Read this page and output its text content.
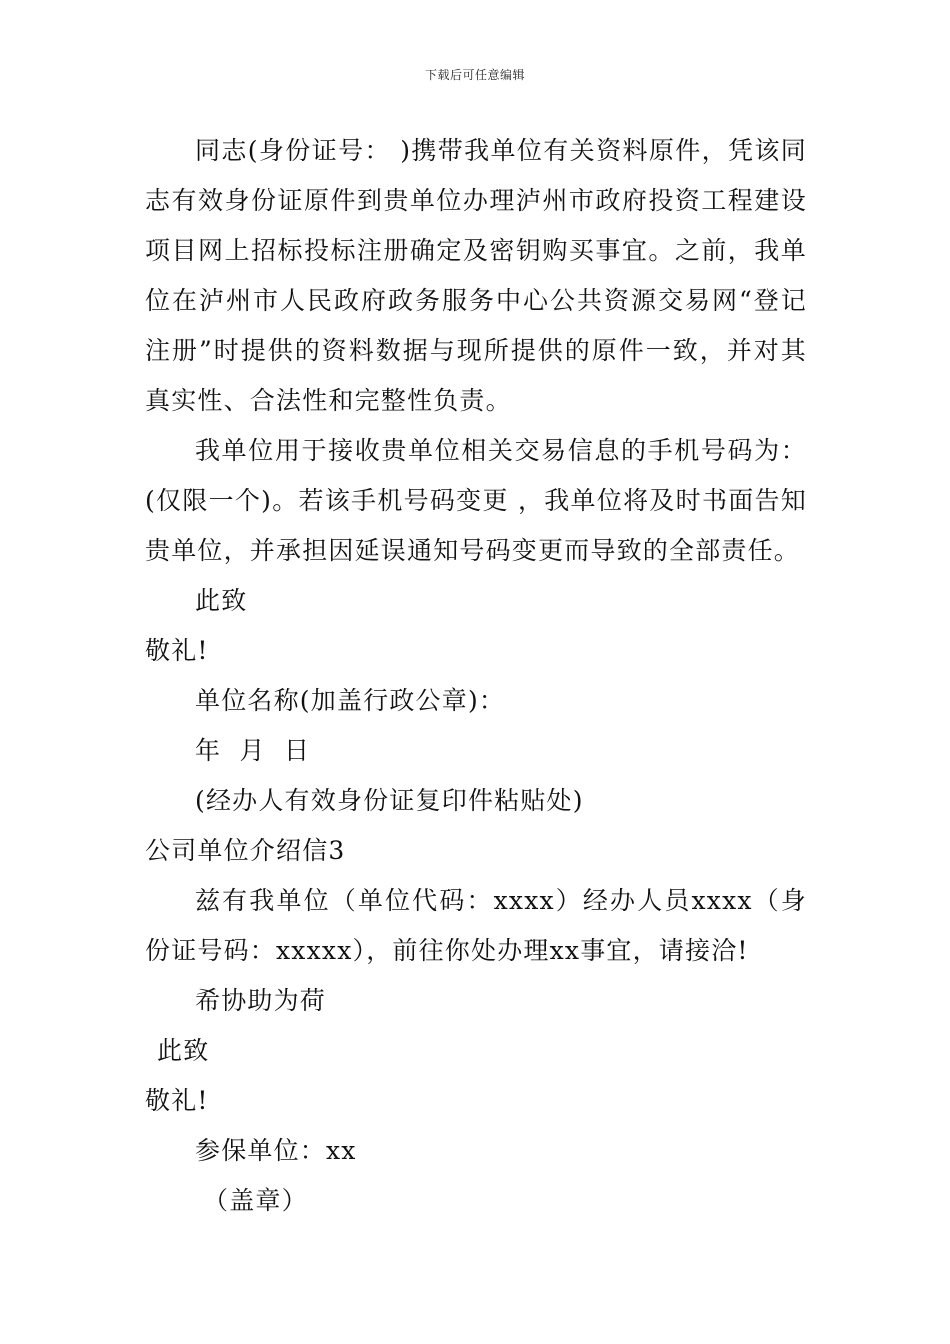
下载后可任意编辑

同志(身份证号： )携带我单位有关资料原件，凭该同志有效身份证原件到贵单位办理泸州市政府投资工程建设项目网上招标投标注册确定及密钥购买事宜。之前，我单位在泸州市人民政府政务服务中心公共资源交易网“登记注册”时提供的资料数据与现所提供的原件一致，并对其真实性、合法性和完整性负责。

我单位用于接收贵单位相关交易信息的手机号码为：(仅限一个)。若该手机号码变更 ，我单位将及时书面告知贵单位，并承担因延误通知号码变更而导致的全部责任。

此致

敬礼!

单位名称(加盖行政公章)：

年  月  日

(经办人有效身份证复印件粘贴处)

公司单位介绍信3

兹有我单位（单位代码：xxxx）经办人员xxxx（身份证号码：xxxxx），前往你处办理xx事宜，请接洽!

希协助为荷

此致

敬礼!

参保单位：xx

（盖章）
